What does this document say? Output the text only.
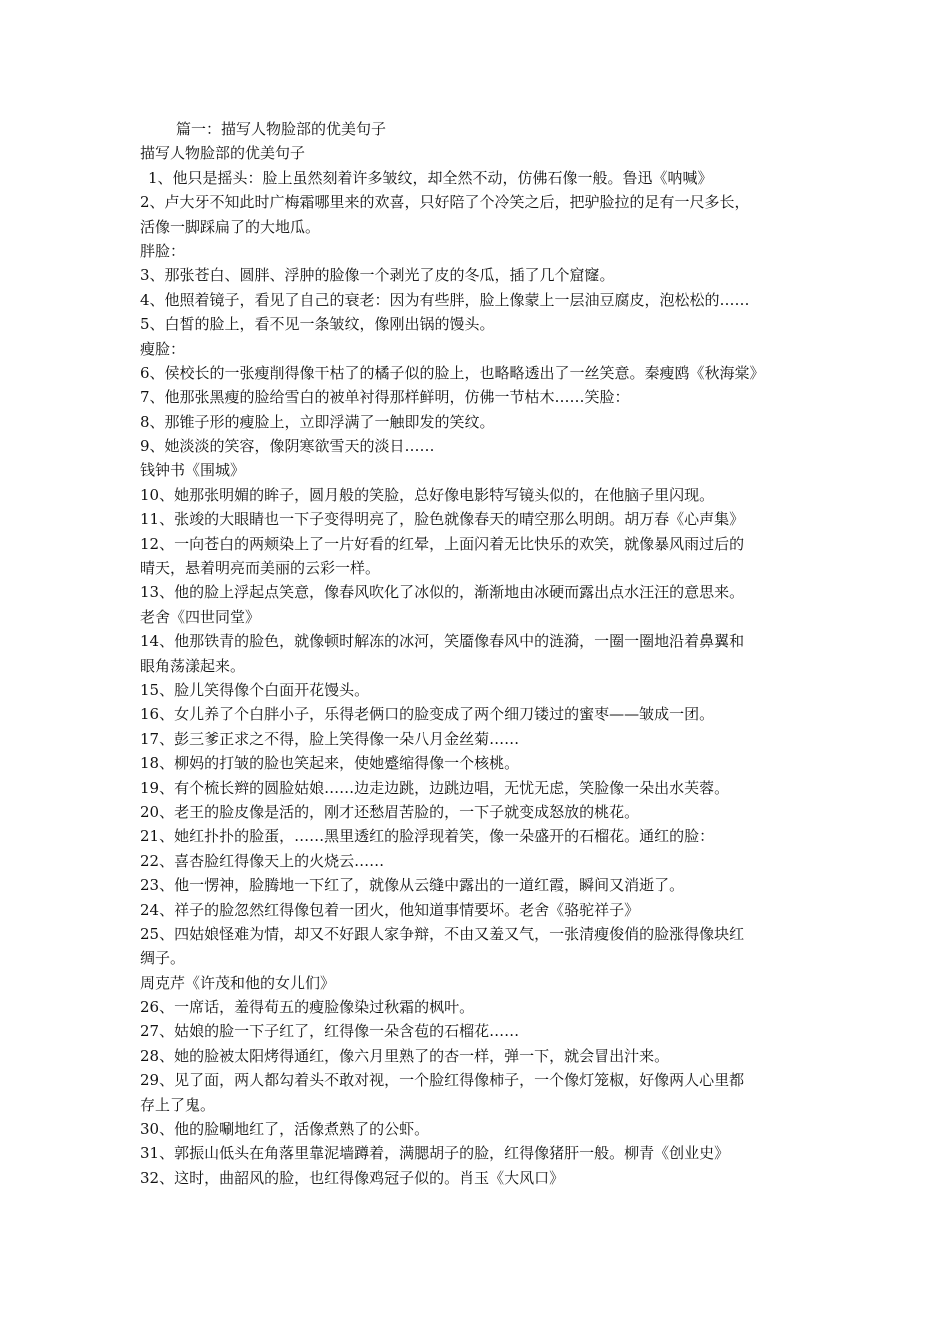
篇一：描写人物脸部的优美句子
描写人物脸部的优美句子
1、他只是摇头：脸上虽然刻着许多皱纹，却全然不动，仿佛石像一般。鲁迅《呐喊》
2、卢大牙不知此时广梅霜哪里来的欢喜，只好陪了个冷笑之后，把驴脸拉的足有一尺多长，
活像一脚踩扁了的大地瓜。
胖脸：
3、那张苍白、圆胖、浮肿的脸像一个剥光了皮的冬瓜，插了几个窟窿。
4、他照着镜子，看见了自己的衰老：因为有些胖，脸上像蒙上一层油豆腐皮，泡松松的……
5、白皙的脸上，看不见一条皱纹，像刚出锅的馒头。
瘦脸：
6、侯校长的一张瘦削得像干枯了的橘子似的脸上，也略略透出了一丝笑意。秦瘦鸥《秋海棠》
7、他那张黑瘦的脸给雪白的被单衬得那样鲜明，仿佛一节枯木……笑脸：
8、那锥子形的瘦脸上，立即浮满了一触即发的笑纹。
9、她淡淡的笑容，像阴寒欲雪天的淡日……
钱钟书《围城》
10、她那张明媚的眸子，圆月般的笑脸，总好像电影特写镜头似的，在他脑子里闪现。
11、张竣的大眼睛也一下子变得明亮了，脸色就像春天的晴空那么明朗。胡万春《心声集》
12、一向苍白的两颊染上了一片好看的红晕，上面闪着无比快乐的欢笑，就像暴风雨过后的
晴天，悬着明亮而美丽的云彩一样。
13、他的脸上浮起点笑意，像春风吹化了冰似的，渐渐地由冰硬而露出点水汪汪的意思来。
老舍《四世同堂》
14、他那铁青的脸色，就像顿时解冻的冰河，笑靥像春风中的涟漪，一圈一圈地沿着鼻翼和
眼角荡漾起来。
15、脸儿笑得像个白面开花馒头。
16、女儿养了个白胖小子，乐得老俩口的脸变成了两个细刀镂过的蜜枣——皱成一团。
17、彭三爹正求之不得，脸上笑得像一朵八月金丝菊……
18、柳妈的打皱的脸也笑起来，使她蹙缩得像一个核桃。
19、有个梳长辫的圆脸姑娘……边走边跳，边跳边唱，无忧无虑，笑脸像一朵出水芙蓉。
20、老王的脸皮像是活的，刚才还愁眉苦脸的，一下子就变成怒放的桃花。
21、她红扑扑的脸蛋，……黑里透红的脸浮现着笑，像一朵盛开的石榴花。通红的脸：
22、喜杏脸红得像天上的火烧云……
23、他一愣神，脸腾地一下红了，就像从云缝中露出的一道红霞，瞬间又消逝了。
24、祥子的脸忽然红得像包着一团火，他知道事情要坏。老舍《骆驼祥子》
25、四姑娘怪难为情，却又不好跟人家争辩，不由又羞又气，一张清瘦俊俏的脸涨得像块红
绸子。
周克芹《许茂和他的女儿们》
26、一席话，羞得荀五的瘦脸像染过秋霜的枫叶。
27、姑娘的脸一下子红了，红得像一朵含苞的石榴花……
28、她的脸被太阳烤得通红，像六月里熟了的杏一样，弹一下，就会冒出汁来。
29、见了面，两人都勾着头不敢对视，一个脸红得像柿子，一个像灯笼椒，好像两人心里都
存上了鬼。
30、他的脸唰地红了，活像煮熟了的公虾。
31、郭振山低头在角落里靠泥墙蹲着，满腮胡子的脸，红得像猪肝一般。柳青《创业史》
32、这时，曲韶风的脸，也红得像鸡冠子似的。肖玉《大风口》
